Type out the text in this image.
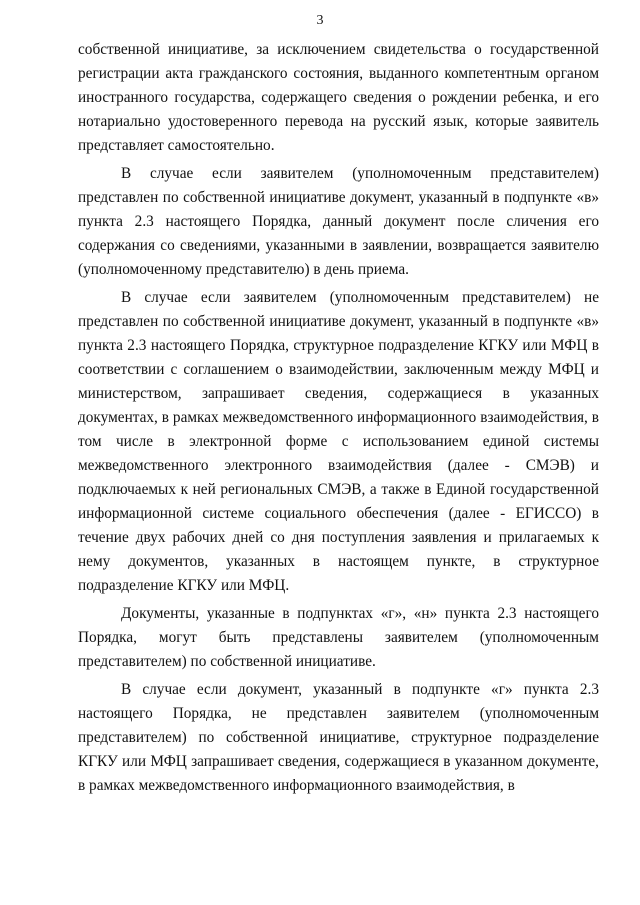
3

собственной инициативе, за исключением свидетельства о государственной регистрации акта гражданского состояния, выданного компетентным органом иностранного государства, содержащего сведения о рождении ребенка, и его нотариально удостоверенного перевода на русский язык, которые заявитель представляет самостоятельно.

В случае если заявителем (уполномоченным представителем) представлен по собственной инициативе документ, указанный в подпункте «в» пункта 2.3 настоящего Порядка, данный документ после сличения его содержания со сведениями, указанными в заявлении, возвращается заявителю (уполномоченному представителю) в день приема.

В случае если заявителем (уполномоченным представителем) не представлен по собственной инициативе документ, указанный в подпункте «в» пункта 2.3 настоящего Порядка, структурное подразделение КГКУ или МФЦ в соответствии с соглашением о взаимодействии, заключенным между МФЦ и министерством, запрашивает сведения, содержащиеся в указанных документах, в рамках межведомственного информационного взаимодействия, в том числе в электронной форме с использованием единой системы межведомственного электронного взаимодействия (далее - СМЭВ) и подключаемых к ней региональных СМЭВ, а также в Единой государственной информационной системе социального обеспечения (далее - ЕГИССО) в течение двух рабочих дней со дня поступления заявления и прилагаемых к нему документов, указанных в настоящем пункте, в структурное подразделение КГКУ или МФЦ.

Документы, указанные в подпунктах «г», «н» пункта 2.3 настоящего Порядка, могут быть представлены заявителем (уполномоченным представителем) по собственной инициативе.

В случае если документ, указанный в подпункте «г» пункта 2.3 настоящего Порядка, не представлен заявителем (уполномоченным представителем) по собственной инициативе, структурное подразделение КГКУ или МФЦ запрашивает сведения, содержащиеся в указанном документе, в рамках межведомственного информационного взаимодействия, в
